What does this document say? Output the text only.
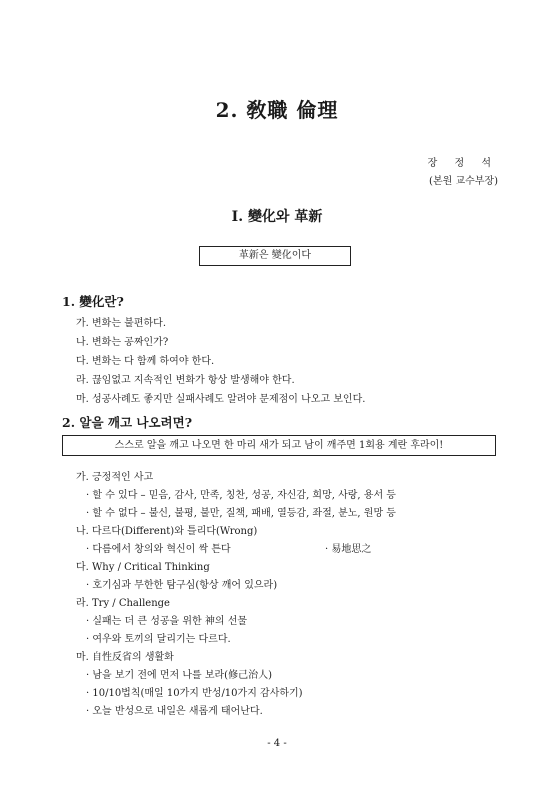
2. 敎職 倫理
장 정 석
(본원 교수부장)
Ⅰ. 變化와 革新
革新은 變化이다
1. 變化란?
가. 변화는 불편하다.
나. 변화는 공짜인가?
다. 변화는 다 함께 하여야 한다.
라. 끊임없고 지속적인 변화가 항상 발생해야 한다.
마. 성공사례도 좋지만 실패사례도 알려야 문제점이 나오고 보인다.
2. 알을 깨고 나오려면?
스스로 알을 깨고 나오면 한 마리 새가 되고 남이 깨주면 1회용 계란 후라이!
가. 긍정적인 사고
· 할 수 있다 – 믿음, 감사, 만족, 칭찬, 성공, 자신감, 희망, 사랑, 용서 등
· 할 수 없다 – 불신, 불평, 불만, 질책, 패배, 열등감, 좌절, 분노, 원망 등
나. 다르다(Different)와 틀리다(Wrong)
· 다름에서 창의와 혁신이 싹 튼다	· 易地思之
다. Why / Critical Thinking
· 호기심과 무한한 탐구심(항상 깨어 있으라)
라. Try / Challenge
· 실패는 더 큰 성공을 위한 神의 선물
· 여우와 토끼의 달리기는 다르다.
마. 自性反省의 생활화
· 남을 보기 전에 먼저 나를 보라(修己治人)
· 10/10법칙(매일 10가지 반성/10가지 감사하기)
· 오늘 반성으로 내일은 새롭게 태어난다.
- 4 -
